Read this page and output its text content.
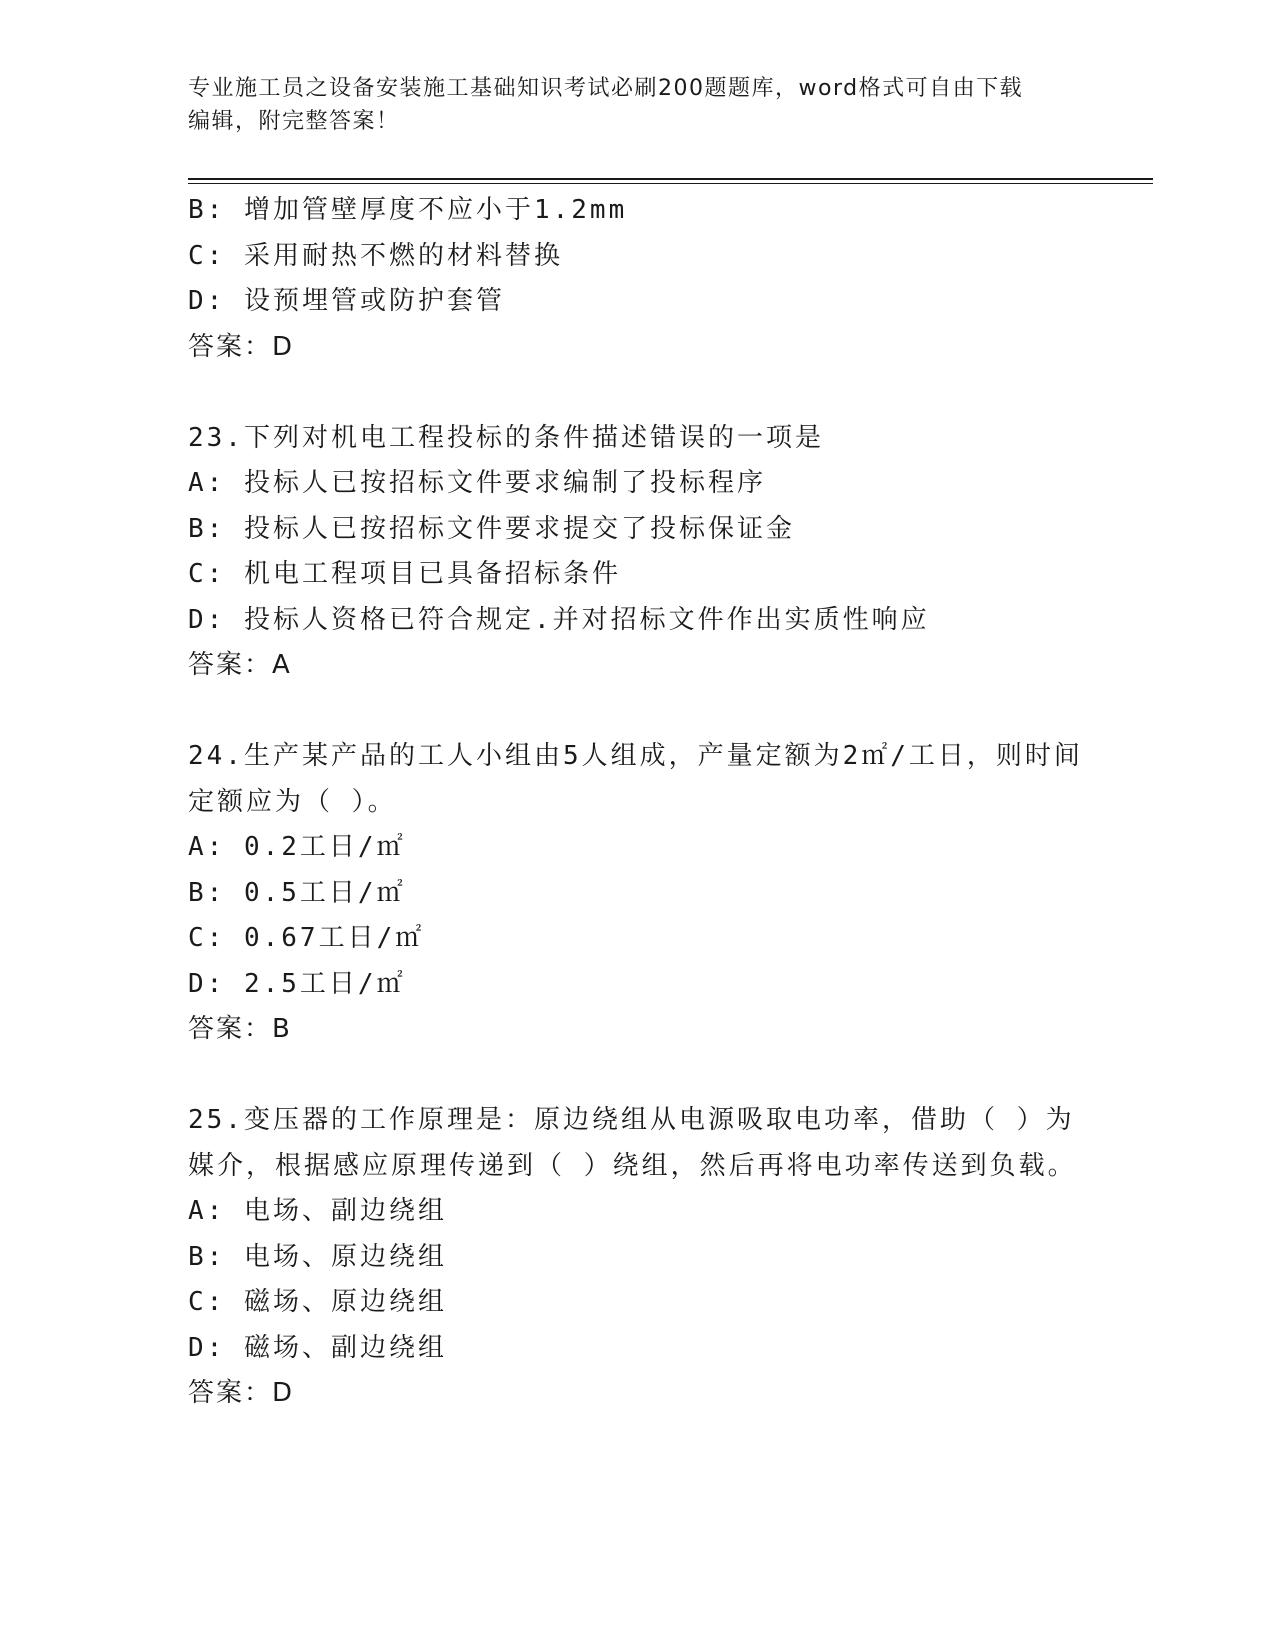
专业施工员之设备安装施工基础知识考试必刷200题题库，word格式可自由下载
编辑，附完整答案！

B: 增加管壁厚度不应小于1.2mm

C: 采用耐热不燃的材料替换

D: 设预埋管或防护套管

答案：D

23.下列对机电工程投标的条件描述错误的一项是

A: 投标人已按招标文件要求编制了投标程序

B: 投标人已按招标文件要求提交了投标保证金

C: 机电工程项目已具备招标条件

D: 投标人资格已符合规定.并对招标文件作出实质性响应

答案：A

24.生产某产品的工人小组由5人组成，产量定额为2㎡/工日，则时间

定额应为（ ）。

A: 0.2工日/㎡

B: 0.5工日/㎡

C: 0.67工日/㎡

D: 2.5工日/㎡

答案：B

25.变压器的工作原理是：原边绕组从电源吸取电功率，借助（ ）为

媒介，根据感应原理传递到（ ）绕组，然后再将电功率传送到负载。

A: 电场、副边绕组

B: 电场、原边绕组

C: 磁场、原边绕组

D: 磁场、副边绕组

答案：D
